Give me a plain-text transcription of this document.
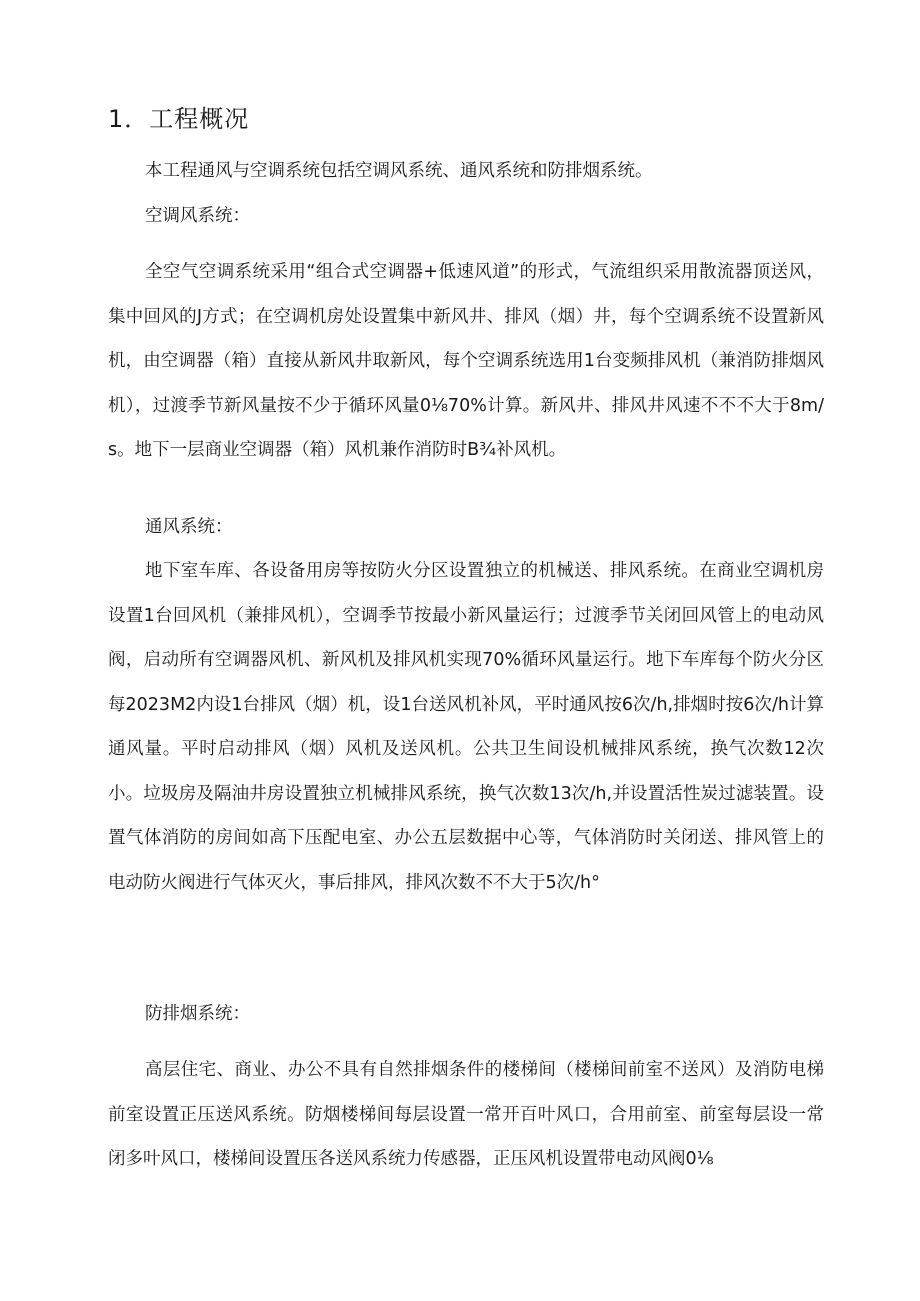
1．工程概况
本工程通风与空调系统包括空调风系统、通风系统和防排烟系统。
空调风系统：
全空气空调系统采用“组合式空调器+低速风道”的形式，气流组织采用散流器顶送风，集中回风的J方式；在空调机房处设置集中新风井、排风（烟）井，每个空调系统不设置新风机，由空调器（箱）直接从新风井取新风，每个空调系统选用1台变频排风机（兼消防排烟风机），过渡季节新风量按不少于循环风量0⅛70%计算。新风井、排风井风速不不不大于8m/s。地下一层商业空调器（箱）风机兼作消防时B¾补风机。
通风系统：
地下室车库、各设备用房等按防火分区设置独立的机械送、排风系统。在商业空调机房设置1台回风机（兼排风机），空调季节按最小新风量运行；过渡季节关闭回风管上的电动风阀，启动所有空调器风机、新风机及排风机实现70%循环风量运行。地下车库每个防火分区每2023M2内设1台排风（烟）机，设1台送风机补风，平时通风按6次/h,排烟时按6次/h计算通风量。平时启动排风（烟）风机及送风机。公共卫生间设机械排风系统，换气次数12次小。垃圾房及隔油井房设置独立机械排风系统，换气次数13次/h,并设置活性炭过滤装置。设置气体消防的房间如高下压配电室、办公五层数据中心等，气体消防时关闭送、排风管上的电动防火阀进行气体灭火，事后排风，排风次数不不大于5次/h°
防排烟系统：
高层住宅、商业、办公不具有自然排烟条件的楼梯间（楼梯间前室不送风）及消防电梯前室设置正压送风系统。防烟楼梯间每层设置一常开百叶风口，合用前室、前室每层设一常闭多叶风口，楼梯间设置压各送风系统力传感器，正压风机设置带电动风阀0⅛
